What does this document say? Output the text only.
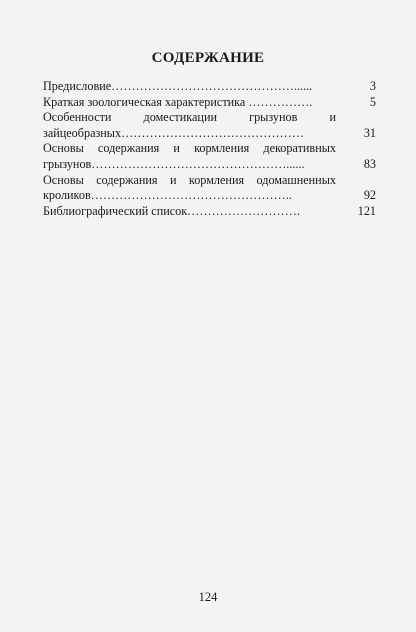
СОДЕРЖАНИЕ
Предисловие………………………………………......	3
Краткая зоологическая характеристика …………….	5
Особенности доместикации грызунов и
зайцеобразных………………………………………	31
Основы содержания и кормления декоративных
грызунов…………………………………………......	83
Основы содержания и кормления одомашненных
кроликов…………………………………………..	92
Библиографический список……………………….	121
124
